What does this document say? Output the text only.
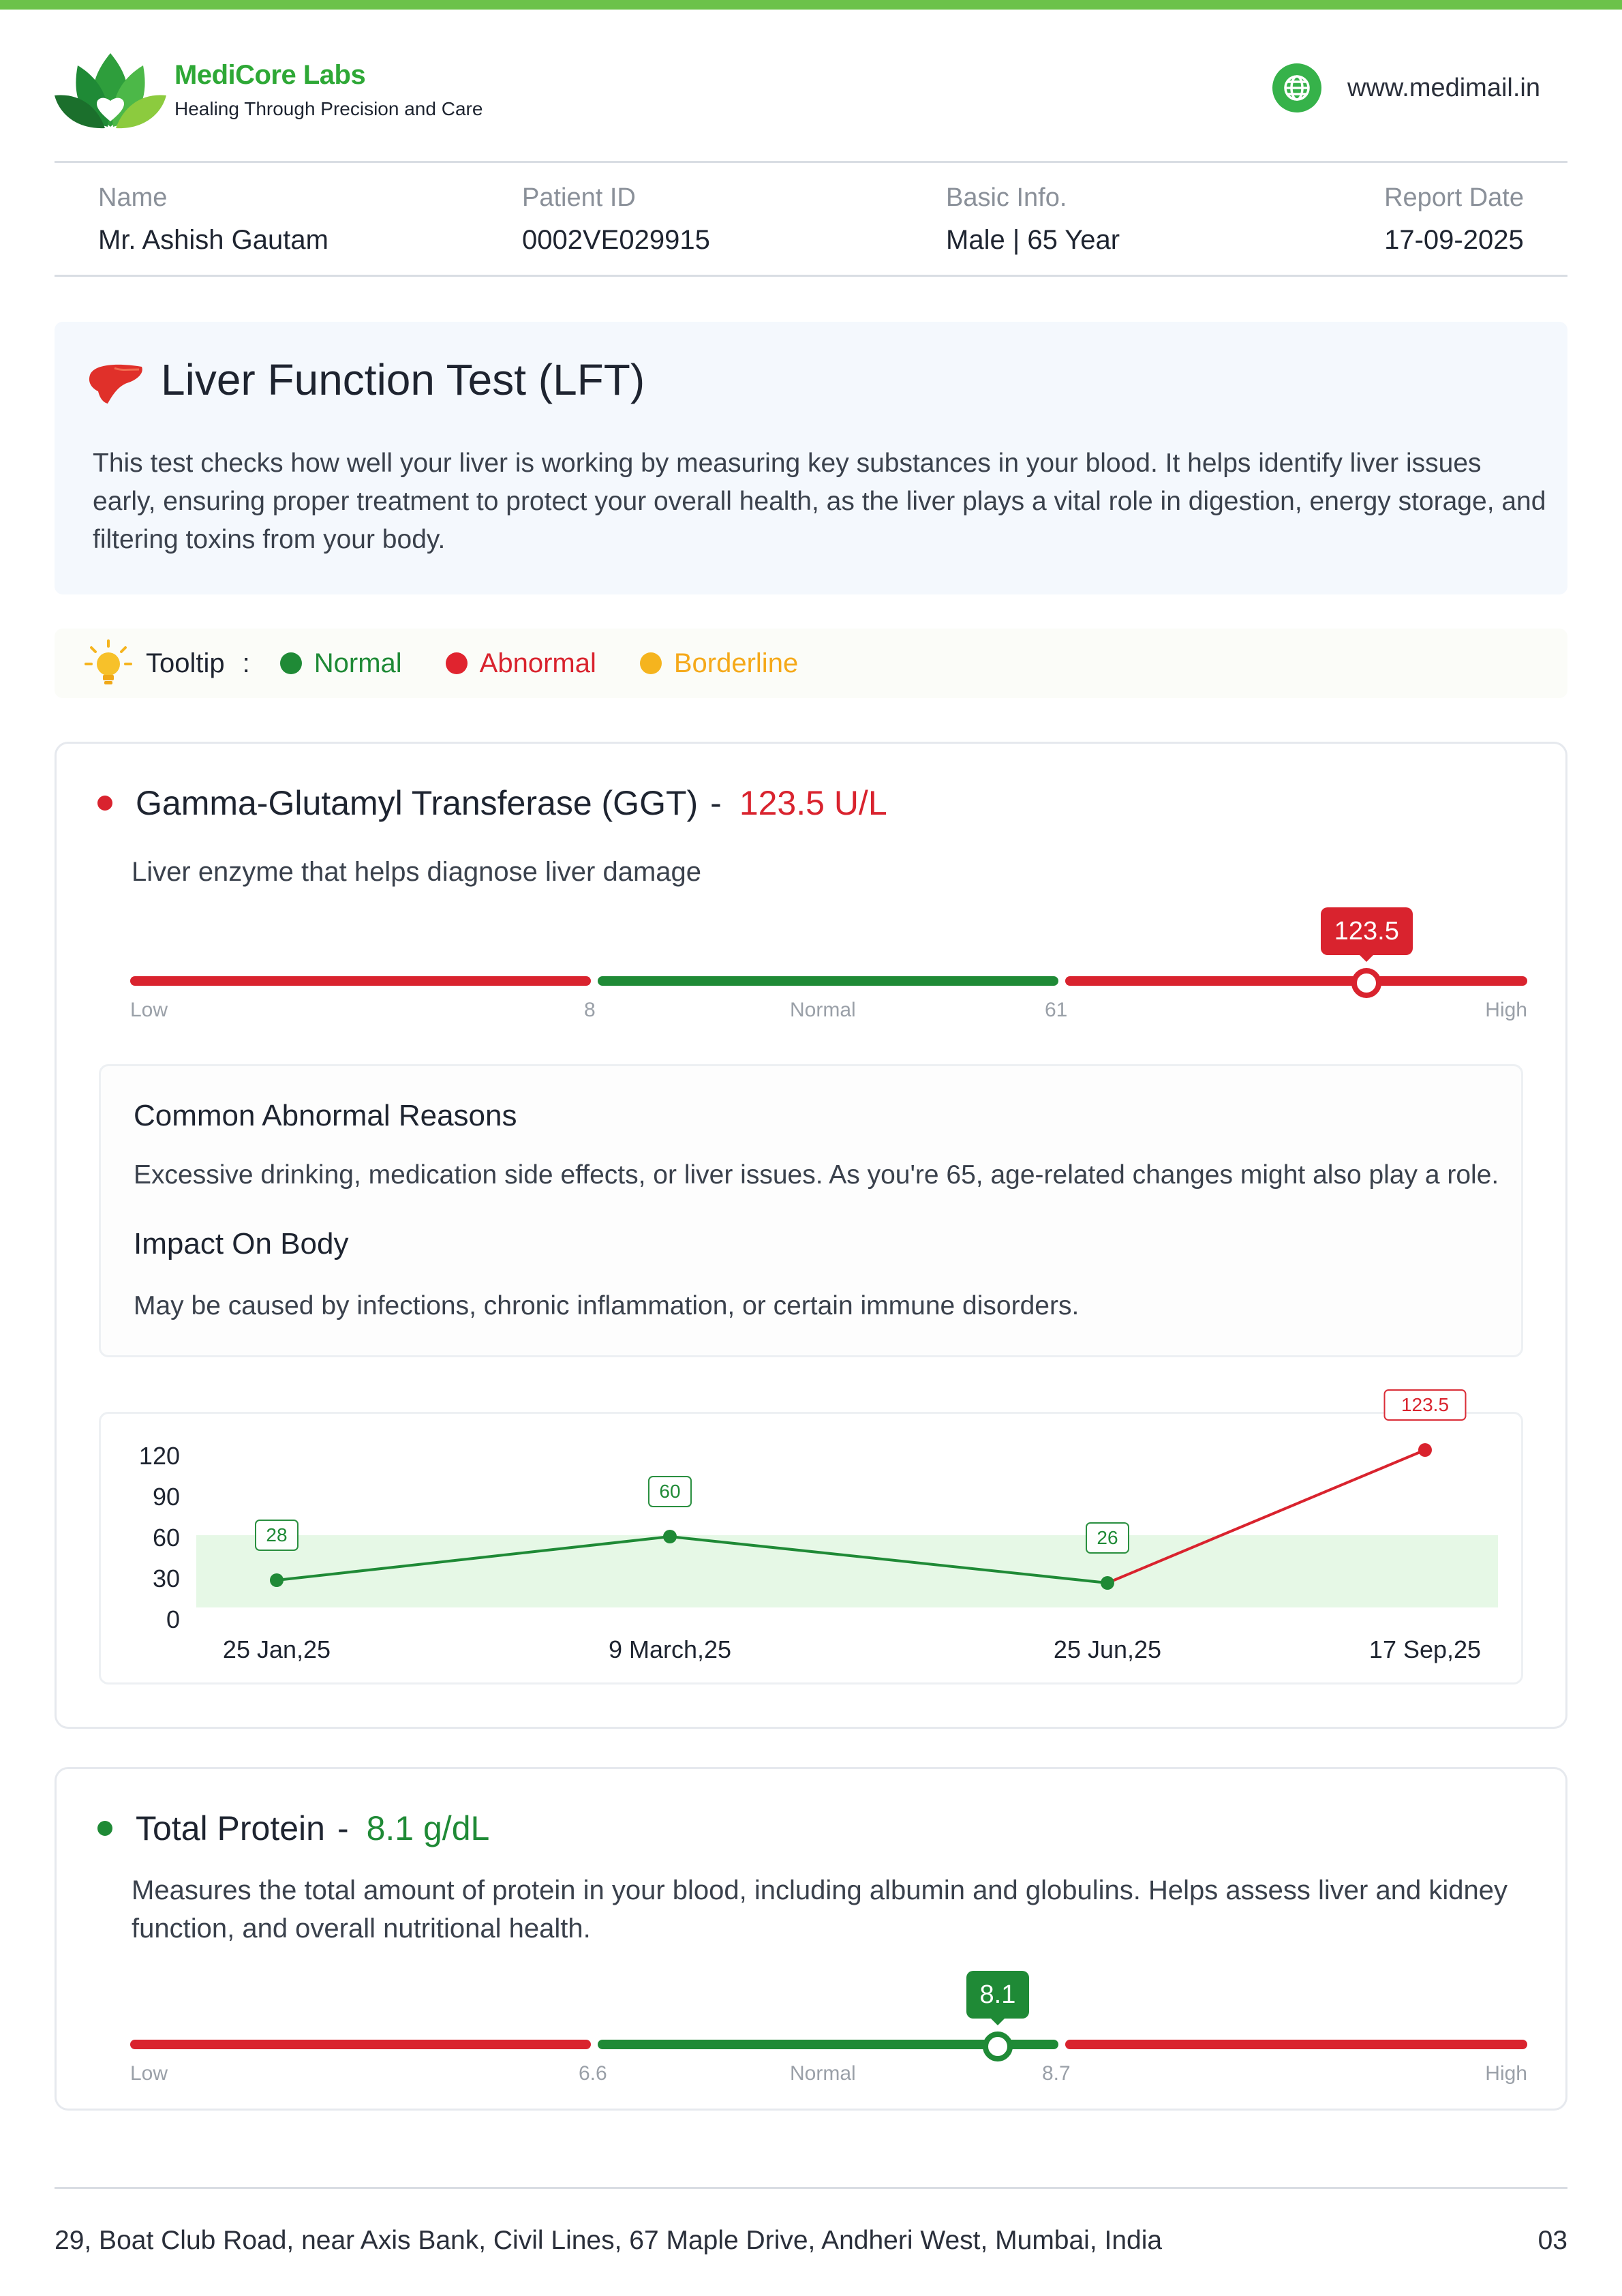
MediCore Labs
Healing Through Precision and Care
www.medimail.in
Name
Mr. Ashish Gautam
Patient ID
0002VE029915
Basic Info.
Male | 65 Year
Report Date
17-09-2025
Liver Function Test (LFT)
This test checks how well your liver is working by measuring key substances in your blood. It helps identify liver issues early, ensuring proper treatment to protect your overall health, as the liver plays a vital role in digestion, energy storage, and filtering toxins from your body.
Tooltip : Normal	Abnormal	Borderline
Gamma-Glutamyl Transferase (GGT) - 123.5 U/L
Liver enzyme that helps diagnose liver damage
Low	8	Normal	61	High
123.5
Common Abnormal Reasons
Excessive drinking, medication side effects, or liver issues. As you're 65, age-related changes might also play a role.
Impact On Body
May be caused by infections, chronic inflammation, or certain immune disorders.
120
90
60
30
0
25 Jan,25	9 March,25	25 Jun,25	17 Sep,25
28
60
26
123.5
Total Protein - 8.1 g/dL
Measures the total amount of protein in your blood, including albumin and globulins. Helps assess liver and kidney function, and overall nutritional health.
Low	6.6	Normal	8.7	High
8.1
29, Boat Club Road, near Axis Bank, Civil Lines, 67 Maple Drive, Andheri West, Mumbai, India	03
